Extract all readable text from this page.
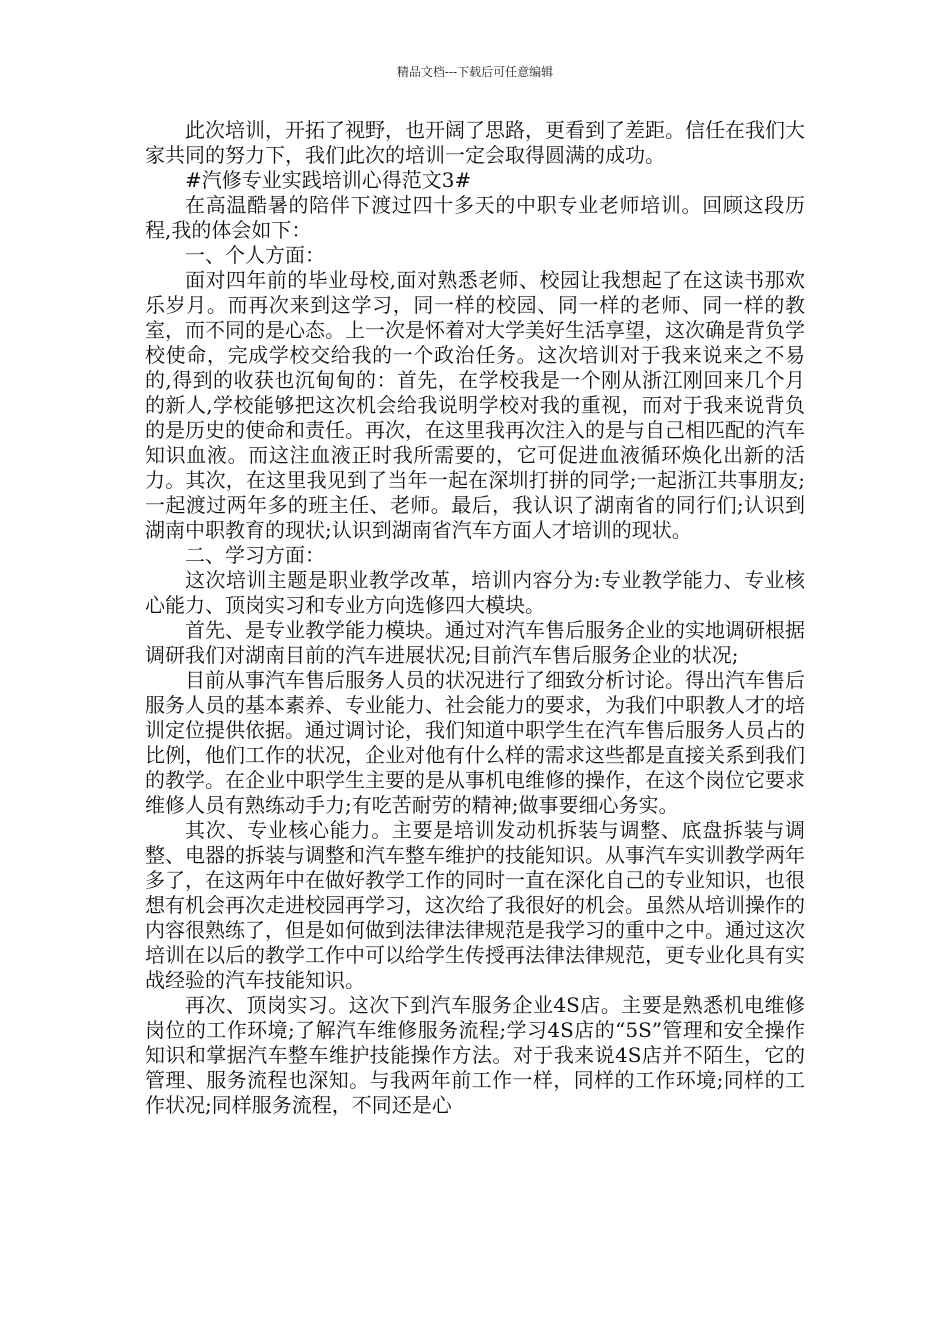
精品文档---下载后可任意编辑

此次培训，开拓了视野，也开阔了思路，更看到了差距。信任在我们大家共同的努力下，我们此次的培训一定会取得圆满的成功。

#汽修专业实践培训心得范文3#

在高温酷暑的陪伴下渡过四十多天的中职专业老师培训。回顾这段历程,我的体会如下：

一、个人方面：

面对四年前的毕业母校,面对熟悉老师、校园让我想起了在这读书那欢乐岁月。而再次来到这学习，同一样的校园、同一样的老师、同一样的教室，而不同的是心态。上一次是怀着对大学美好生活享望，这次确是背负学校使命，完成学校交给我的一个政治任务。这次培训对于我来说来之不易的,得到的收获也沉甸甸的：首先，在学校我是一个刚从浙江刚回来几个月的新人,学校能够把这次机会给我说明学校对我的重视，而对于我来说背负的是历史的使命和责任。再次，在这里我再次注入的是与自己相匹配的汽车知识血液。而这注血液正时我所需要的，它可促进血液循环焕化出新的活力。其次，在这里我见到了当年一起在深圳打拼的同学;一起浙江共事朋友;一起渡过两年多的班主任、老师。最后，我认识了湖南省的同行们;认识到湖南中职教育的现状;认识到湖南省汽车方面人才培训的现状。

二、学习方面：

这次培训主题是职业教学改革，培训内容分为:专业教学能力、专业核心能力、顶岗实习和专业方向选修四大模块。

首先、是专业教学能力模块。通过对汽车售后服务企业的实地调研根据调研我们对湖南目前的汽车进展状况;目前汽车售后服务企业的状况;

目前从事汽车售后服务人员的状况进行了细致分析讨论。得出汽车售后服务人员的基本素养、专业能力、社会能力的要求，为我们中职教人才的培训定位提供依据。通过调讨论，我们知道中职学生在汽车售后服务人员占的比例，他们工作的状况，企业对他有什么样的需求这些都是直接关系到我们的教学。在企业中职学生主要的是从事机电维修的操作，在这个岗位它要求维修人员有熟练动手力;有吃苦耐劳的精神;做事要细心务实。

其次、专业核心能力。主要是培训发动机拆装与调整、底盘拆装与调整、电器的拆装与调整和汽车整车维护的技能知识。从事汽车实训教学两年多了，在这两年中在做好教学工作的同时一直在深化自己的专业知识，也很想有机会再次走进校园再学习，这次给了我很好的机会。虽然从培训操作的内容很熟练了，但是如何做到法律法律规范是我学习的重中之中。通过这次培训在以后的教学工作中可以给学生传授再法律法律规范，更专业化具有实战经验的汽车技能知识。

再次、顶岗实习。这次下到汽车服务企业4S店。主要是熟悉机电维修岗位的工作环境;了解汽车维修服务流程;学习4S店的“5S”管理和安全操作知识和掌据汽车整车维护技能操作方法。对于我来说4S店并不陌生，它的管理、服务流程也深知。与我两年前工作一样，同样的工作环境;同样的工作状况;同样服务流程，不同还是心
